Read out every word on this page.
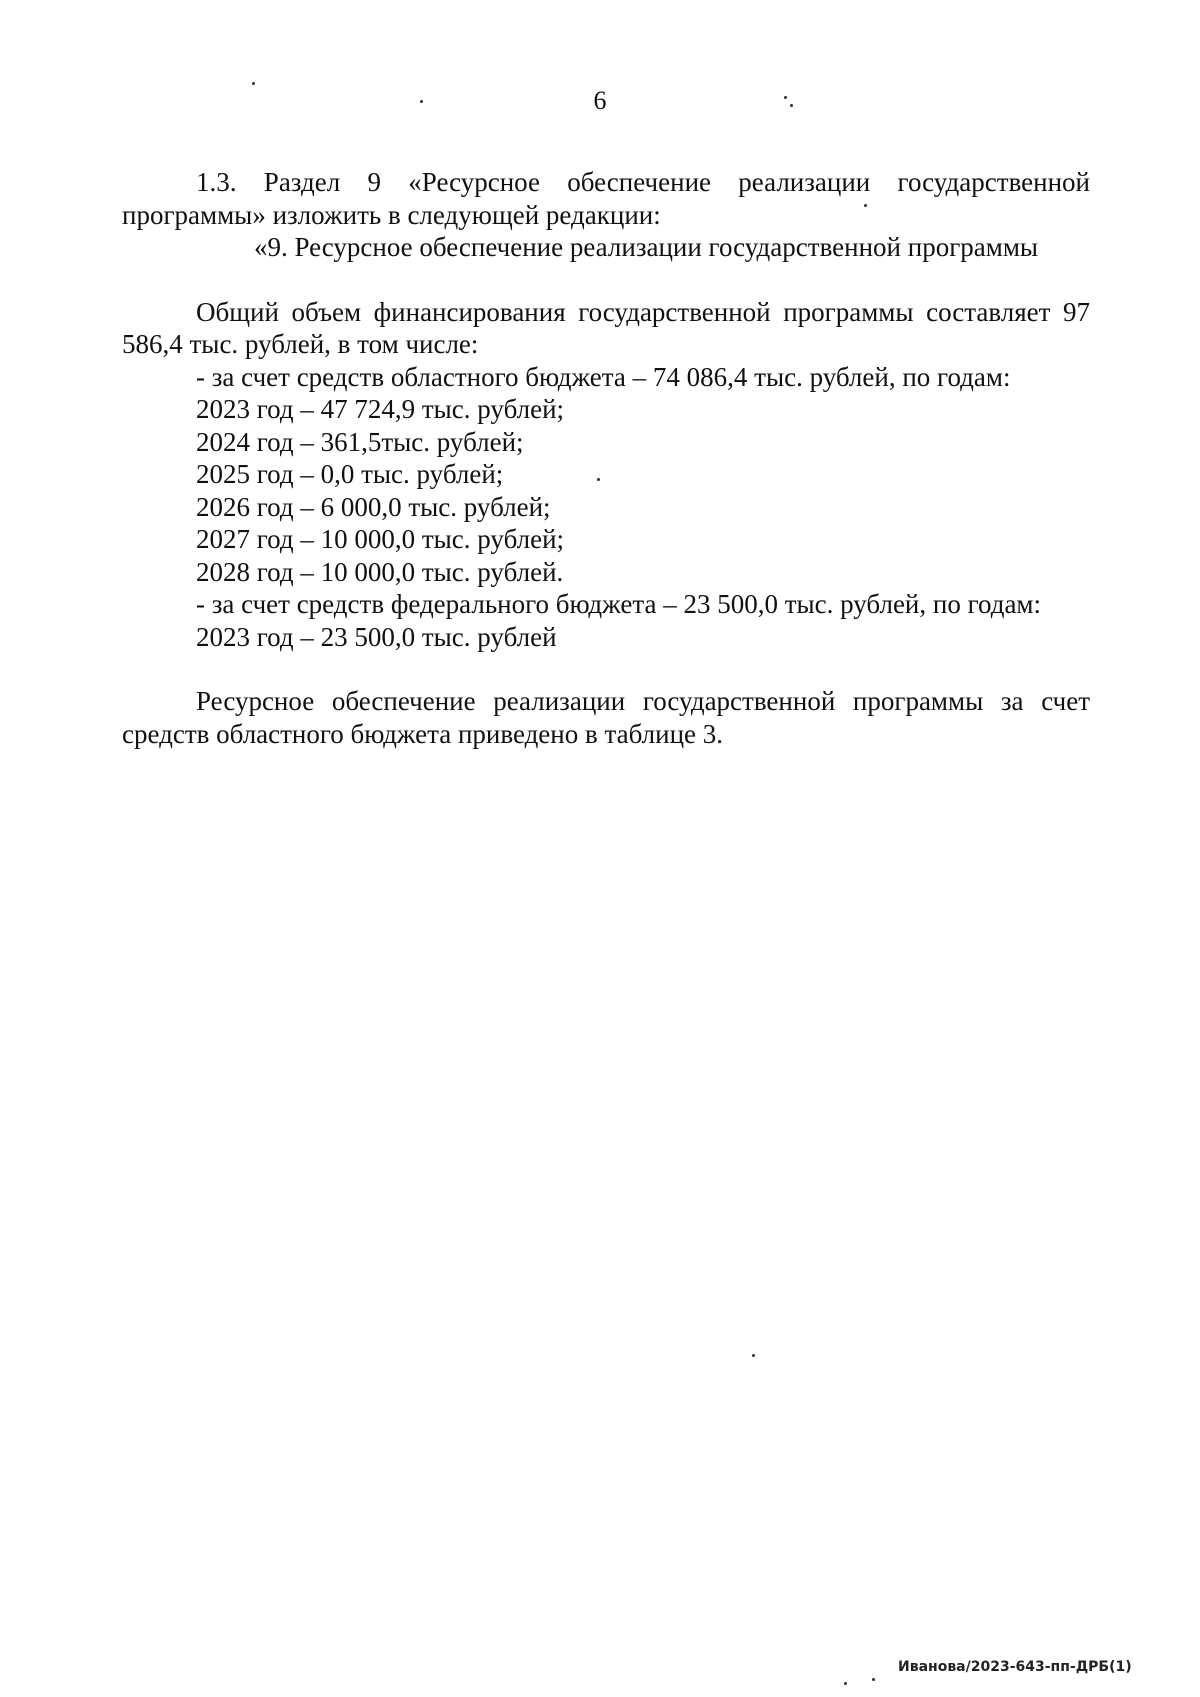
6

1.3. Раздел 9 «Ресурсное обеспечение реализации государственной программы» изложить в следующей редакции:

«9. Ресурсное обеспечение реализации государственной программы

Общий объем финансирования государственной программы составляет 97 586,4 тыс. рублей, в том числе:

- за счет средств областного бюджета – 74 086,4 тыс. рублей, по годам:

2023 год – 47 724,9 тыс. рублей;

2024 год – 361,5тыс. рублей;

2025 год – 0,0 тыс. рублей;

2026 год – 6 000,0 тыс. рублей;

2027 год – 10 000,0 тыс. рублей;

2028 год – 10 000,0 тыс. рублей.

- за счет средств федерального бюджета – 23 500,0 тыс. рублей, по годам:

2023 год – 23 500,0 тыс. рублей

Ресурсное обеспечение реализации государственной программы за счет средств областного бюджета приведено в таблице 3.

Иванова/2023-643-пп-ДРБ(1)
